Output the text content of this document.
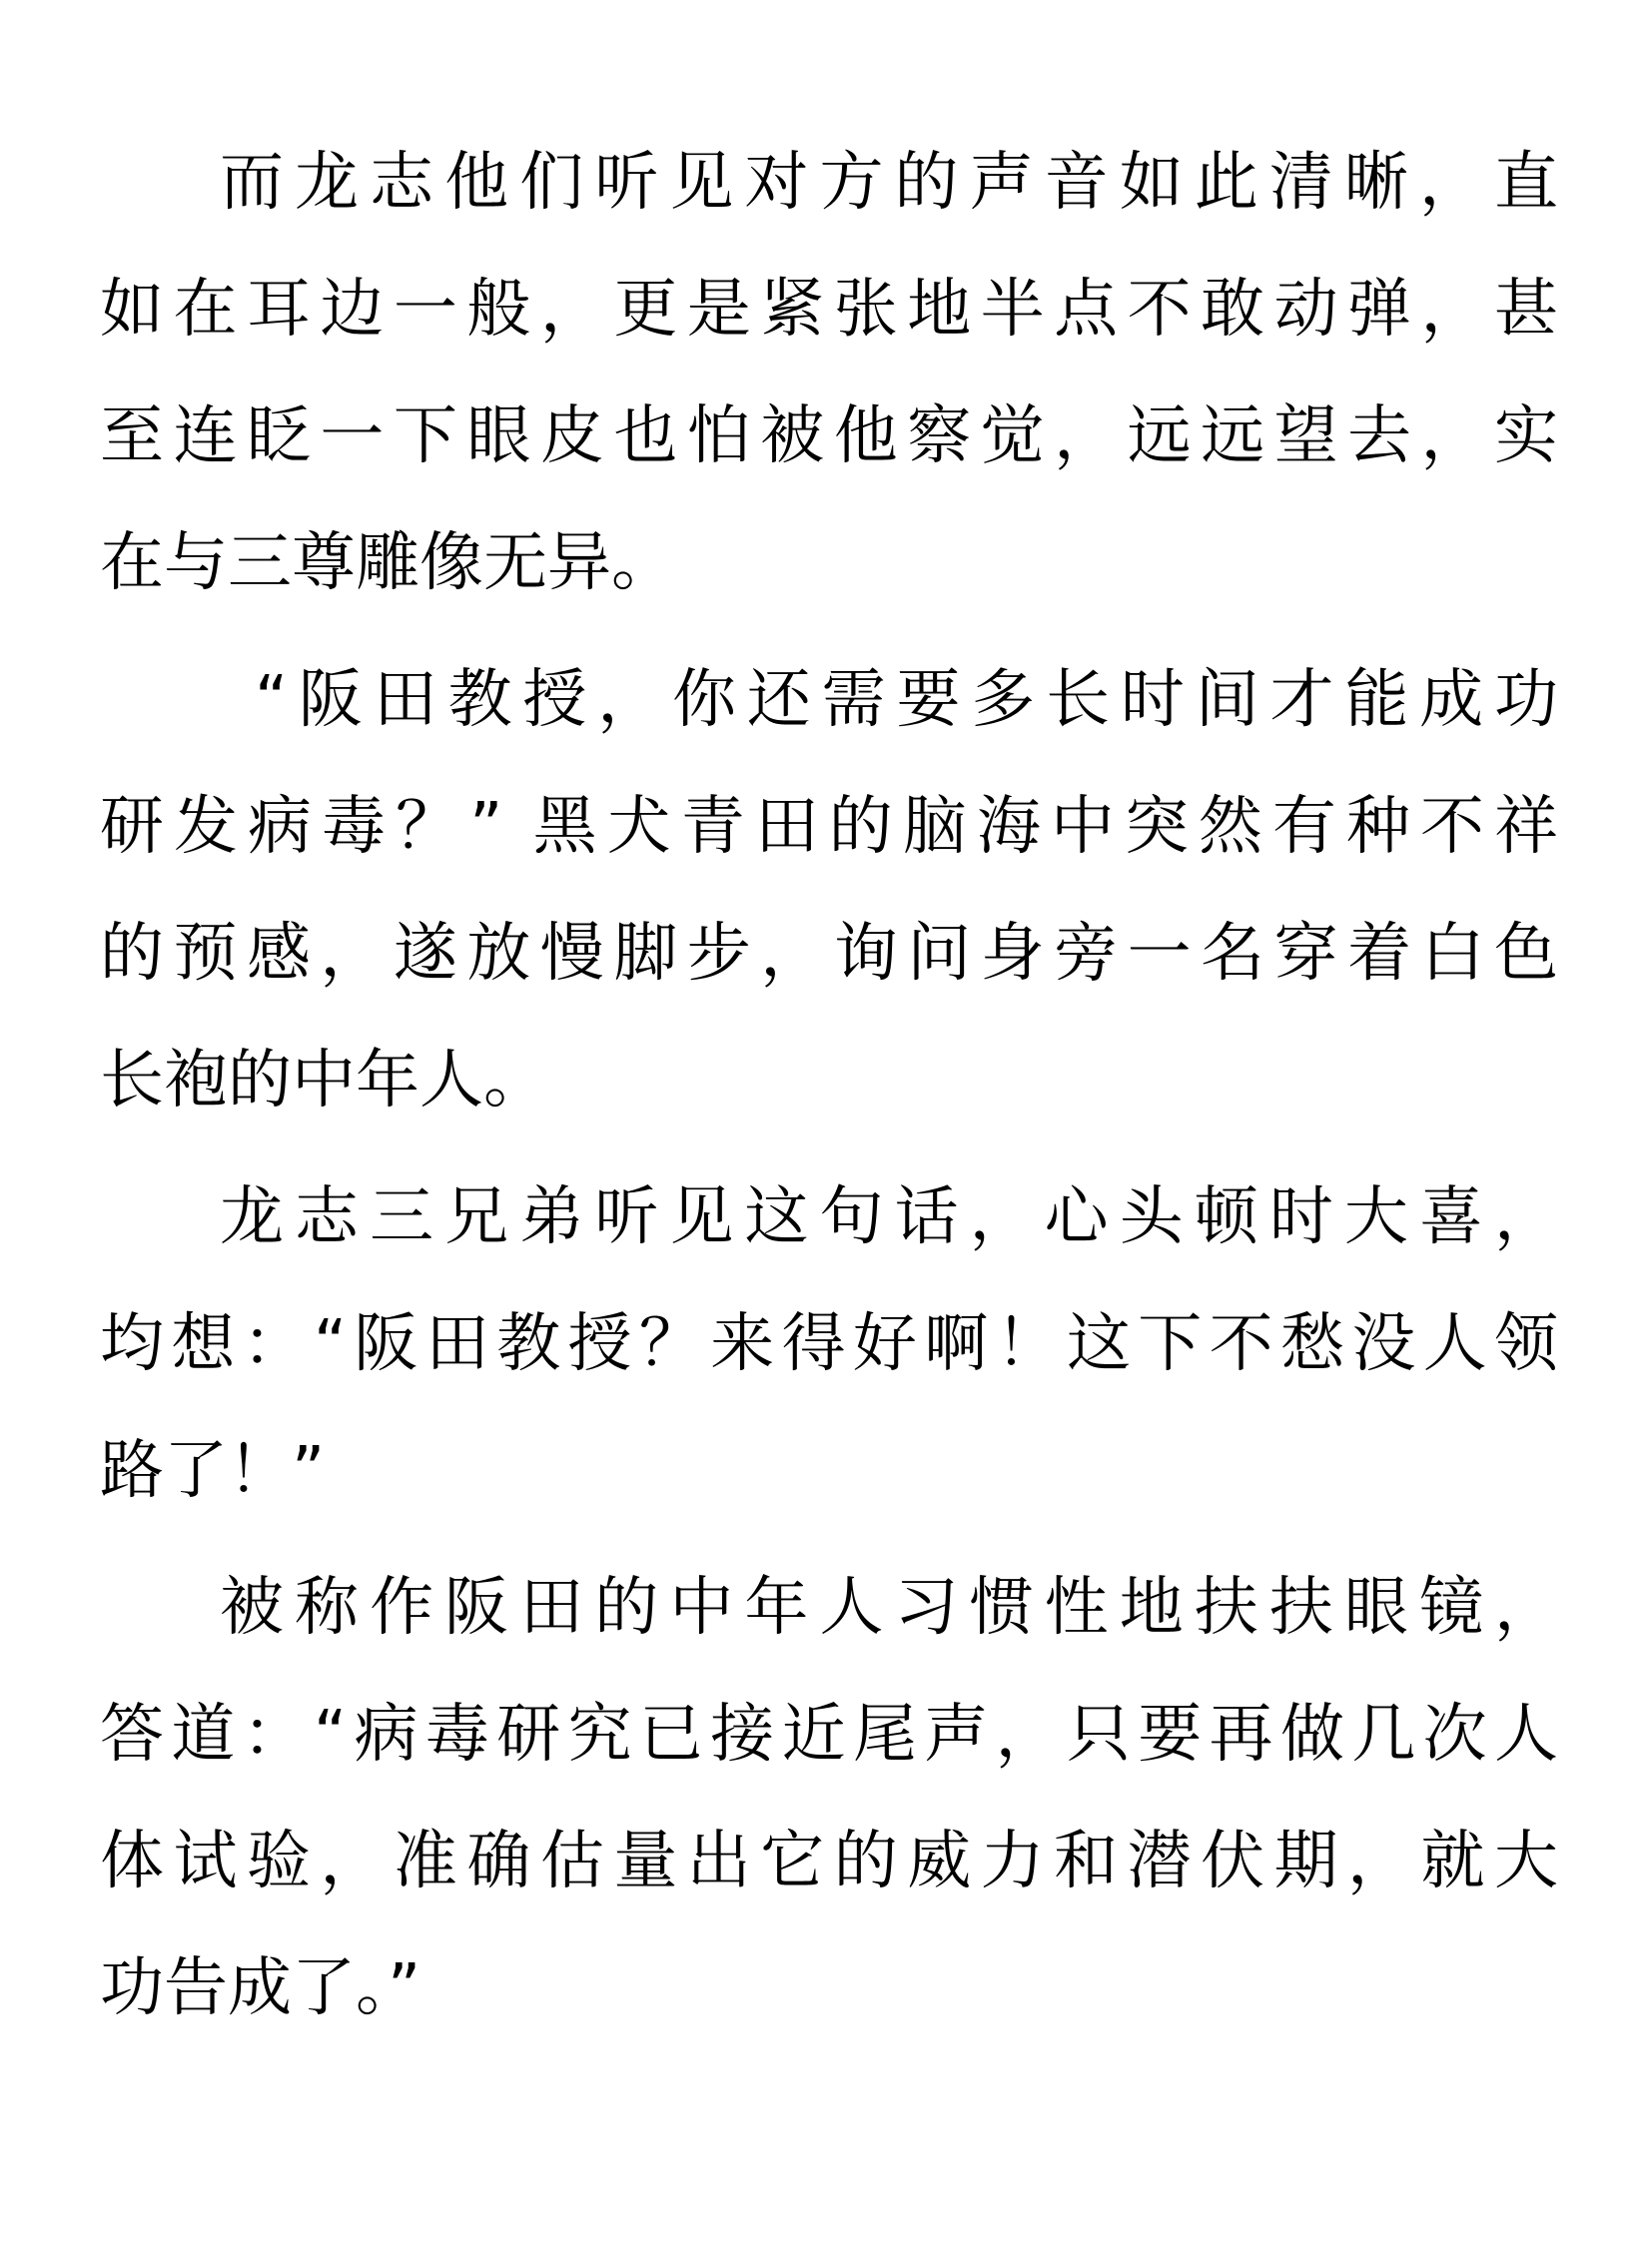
而龙志他们听见对方的声音如此清晰，直
如在耳边一般，更是紧张地半点不敢动弹，甚
至连眨一下眼皮也怕被他察觉，远远望去，实
在与三尊雕像无异。
“阪田教授，你还需要多长时间才能成功
研发病毒？” 黑犬青田的脑海中突然有种不祥
的预感，遂放慢脚步，询问身旁一名穿着白色
长袍的中年人。
龙志三兄弟听见这句话，心头顿时大喜，
均想：“阪田教授？来得好啊！这下不愁没人领
路了！”
被称作阪田的中年人习惯性地扶扶眼镜，
答道：“病毒研究已接近尾声，只要再做几次人
体试验，准确估量出它的威力和潜伏期，就大
功告成了。”
